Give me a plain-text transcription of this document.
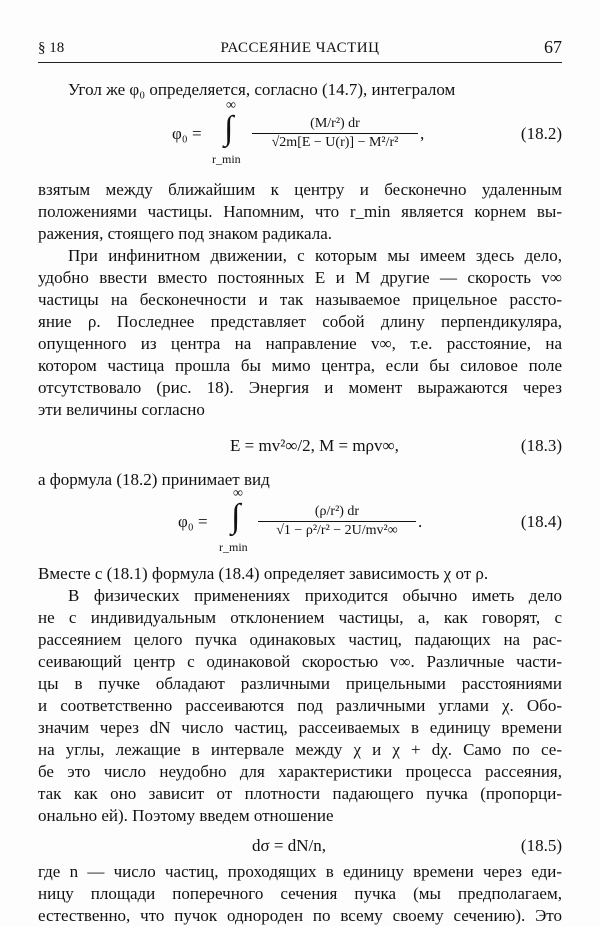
§ 18	РАССЕЯНИЕ ЧАСТИЦ	67
Угол же φ₀ определяется, согласно (14.7), интегралом
φ₀ =
∞
∫
r_min
$\frac{\text{(M/r²) dr}}{\text{√2m[E − U(r)] − M²/r²}}$ ,	(18.2)
взятым между ближайшим к центру и бесконечно удаленным
положениями частицы. Напомним, что r_min является корнем вы-
ражения, стоящего под знаком радикала.
При инфинитном движении, с которым мы имеем здесь дело,
удобно ввести вместо постоянных E и M другие — скорость v∞
частицы на бесконечности и так называемое прицельное рассто-
яние ρ. Последнее представляет собой длину перпендикуляра,
опущенного из центра на направление v∞, т.е. расстояние, на
котором частица прошла бы мимо центра, если бы силовое поле
отсутствовало (рис. 18). Энергия и момент выражаются через
эти величины согласно
E = mv²∞/2, M = mρv∞,	(18.3)
а формула (18.2) принимает вид
φ₀ =
∞
∫
r_min
$\frac{\text{(ρ/r²) dr}}{\text{√1 − ρ²/r² − 2U/mv²∞}}$ .	(18.4)
Вместе с (18.1) формула (18.4) определяет зависимость χ от ρ.
В физических применениях приходится обычно иметь дело
не с индивидуальным отклонением частицы, а, как говорят, с
рассеянием целого пучка одинаковых частиц, падающих на рас-
сеивающий центр с одинаковой скоростью v∞. Различные части-
цы в пучке обладают различными прицельными расстояниями
и соответственно рассеиваются под различными углами χ. Обо-
значим через dN число частиц, рассеиваемых в единицу времени
на углы, лежащие в интервале между χ и χ + dχ. Само по се-
бе это число неудобно для характеристики процесса рассеяния,
так как оно зависит от плотности падающего пучка (пропорци-
онально ей). Поэтому введем отношение
dσ = dN/n,	(18.5)
где n — число частиц, проходящих в единицу времени через еди-
ницу площади поперечного сечения пучка (мы предполагаем,
естественно, что пучок однороден по всему своему сечению). Это
